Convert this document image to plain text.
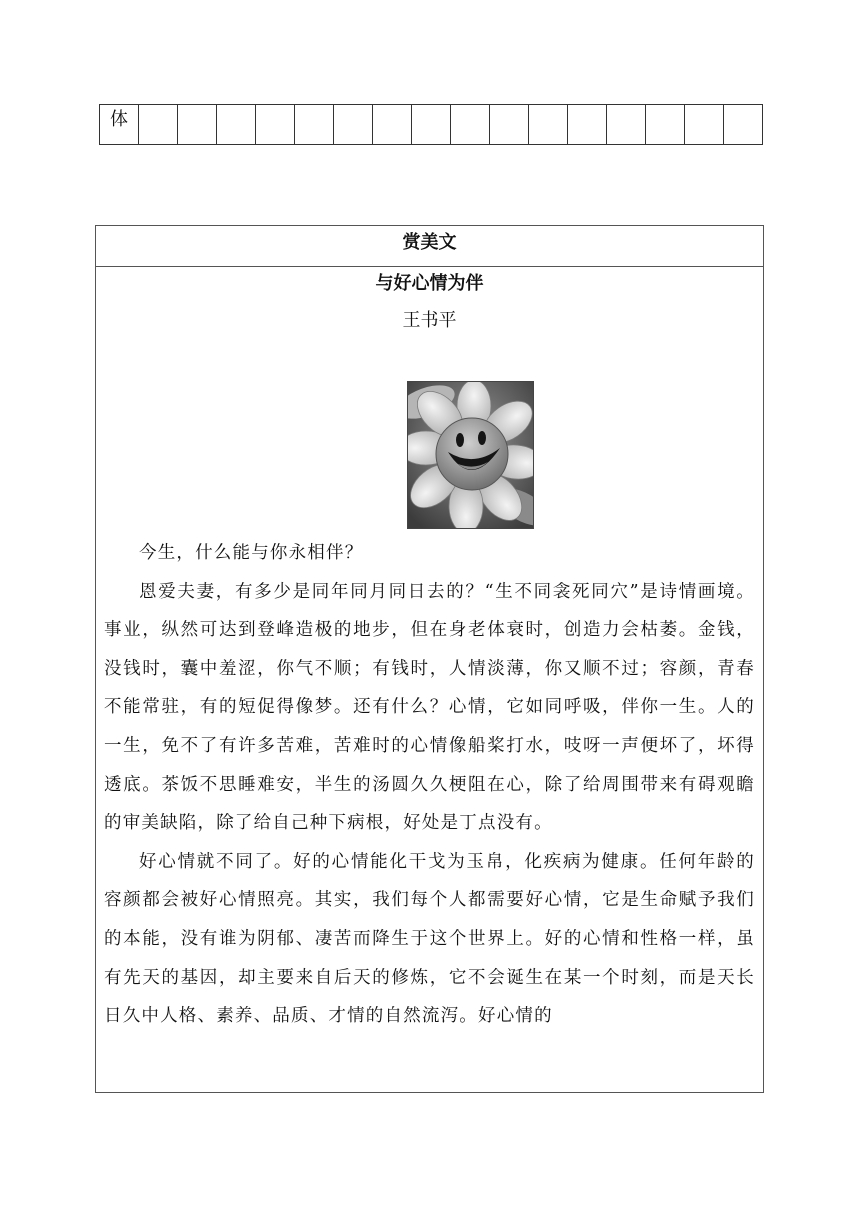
体																
赏美文
与好心情为伴
王书平

今生，什么能与你永相伴？

恩爱夫妻，有多少是同年同月同日去的？“生不同衾死同穴”是诗情画境。事业，纵然可达到登峰造极的地步，但在身老体衰时，创造力会枯萎。金钱，没钱时，囊中羞涩，你气不顺；有钱时，人情淡薄，你又顺不过；容颜，青春不能常驻，有的短促得像梦。还有什么？心情，它如同呼吸，伴你一生。人的一生，免不了有许多苦难，苦难时的心情像船桨打水，吱呀一声便坏了，坏得透底。茶饭不思睡难安，半生的汤圆久久梗阻在心，除了给周围带来有碍观瞻的审美缺陷，除了给自己种下病根，好处是丁点没有。

好心情就不同了。好的心情能化干戈为玉帛，化疾病为健康。任何年龄的容颜都会被好心情照亮。其实，我们每个人都需要好心情，它是生命赋予我们的本能，没有谁为阴郁、凄苦而降生于这个世界上。好的心情和性格一样，虽有先天的基因，却主要来自后天的修炼，它不会诞生在某一个时刻，而是天长日久中人格、素养、品质、才情的自然流泻。好心情的
